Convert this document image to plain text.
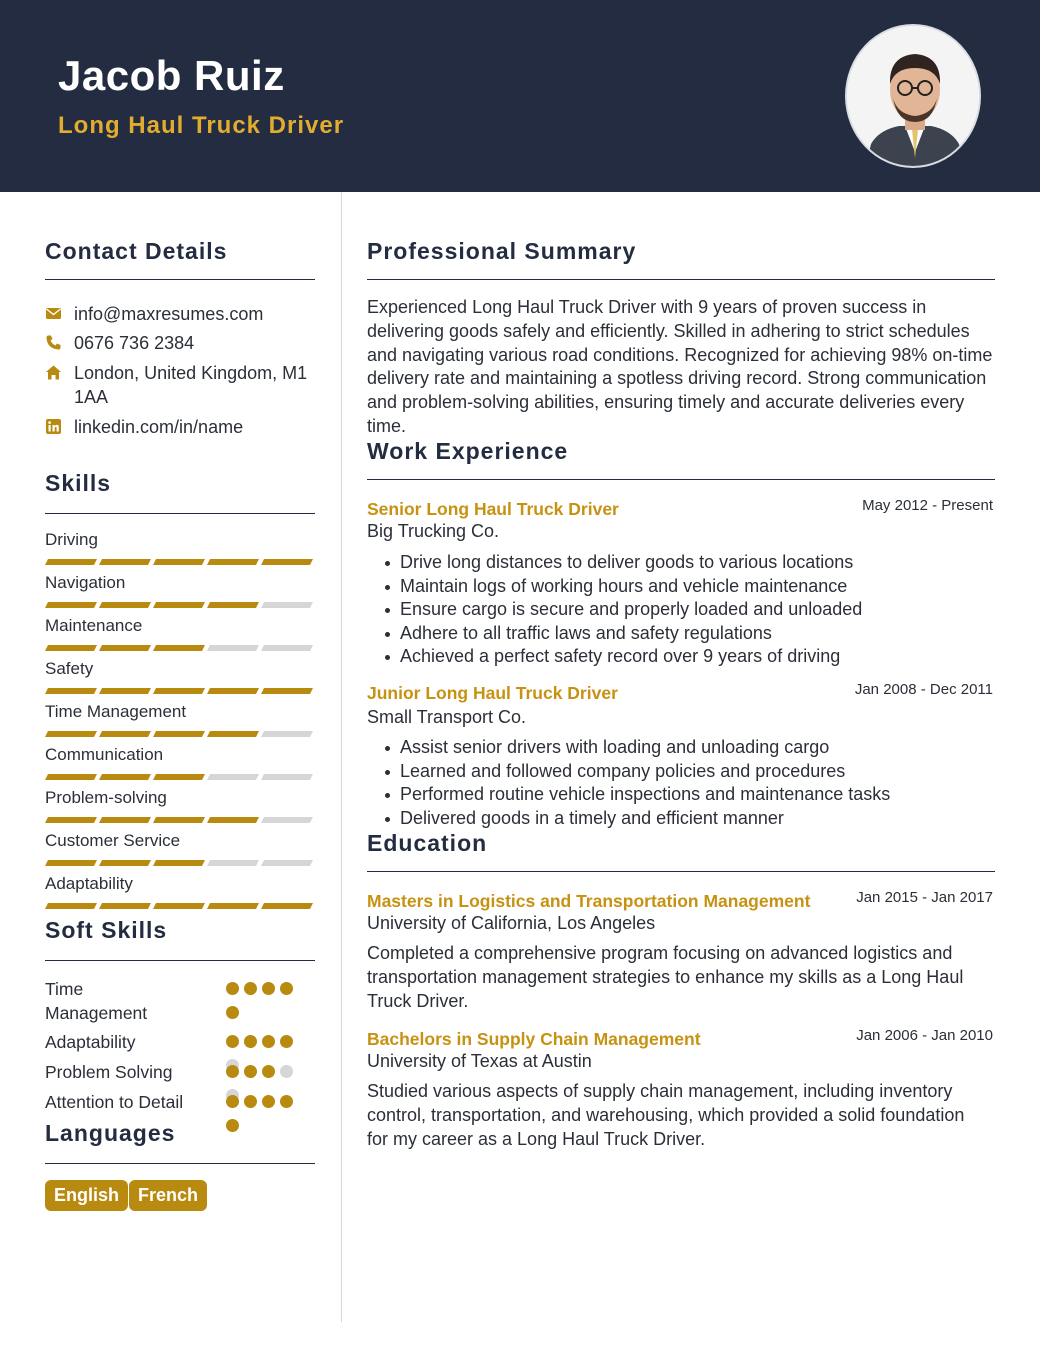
Jacob Ruiz
Long Haul Truck Driver
Contact Details
info@maxresumes.com
0676 736 2384
London, United Kingdom, M1 1AA
linkedin.com/in/name
Skills
Driving
Navigation
Maintenance
Safety
Time Management
Communication
Problem-solving
Customer Service
Adaptability
Soft Skills
Time Management
Adaptability
Problem Solving
Attention to Detail
Languages
English	French
Professional Summary
Experienced Long Haul Truck Driver with 9 years of proven success in delivering goods safely and efficiently. Skilled in adhering to strict schedules and navigating various road conditions. Recognized for achieving 98% on-time delivery rate and maintaining a spotless driving record. Strong communication and problem-solving abilities, ensuring timely and accurate deliveries every time.
Work Experience
Senior Long Haul Truck Driver	May 2012 - Present
Big Trucking Co.
Drive long distances to deliver goods to various locations
Maintain logs of working hours and vehicle maintenance
Ensure cargo is secure and properly loaded and unloaded
Adhere to all traffic laws and safety regulations
Achieved a perfect safety record over 9 years of driving
Junior Long Haul Truck Driver	Jan 2008 - Dec 2011
Small Transport Co.
Assist senior drivers with loading and unloading cargo
Learned and followed company policies and procedures
Performed routine vehicle inspections and maintenance tasks
Delivered goods in a timely and efficient manner
Education
Masters in Logistics and Transportation Management	Jan 2015 - Jan 2017
University of California, Los Angeles
Completed a comprehensive program focusing on advanced logistics and transportation management strategies to enhance my skills as a Long Haul Truck Driver.
Bachelors in Supply Chain Management	Jan 2006 - Jan 2010
University of Texas at Austin
Studied various aspects of supply chain management, including inventory control, transportation, and warehousing, which provided a solid foundation for my career as a Long Haul Truck Driver.
